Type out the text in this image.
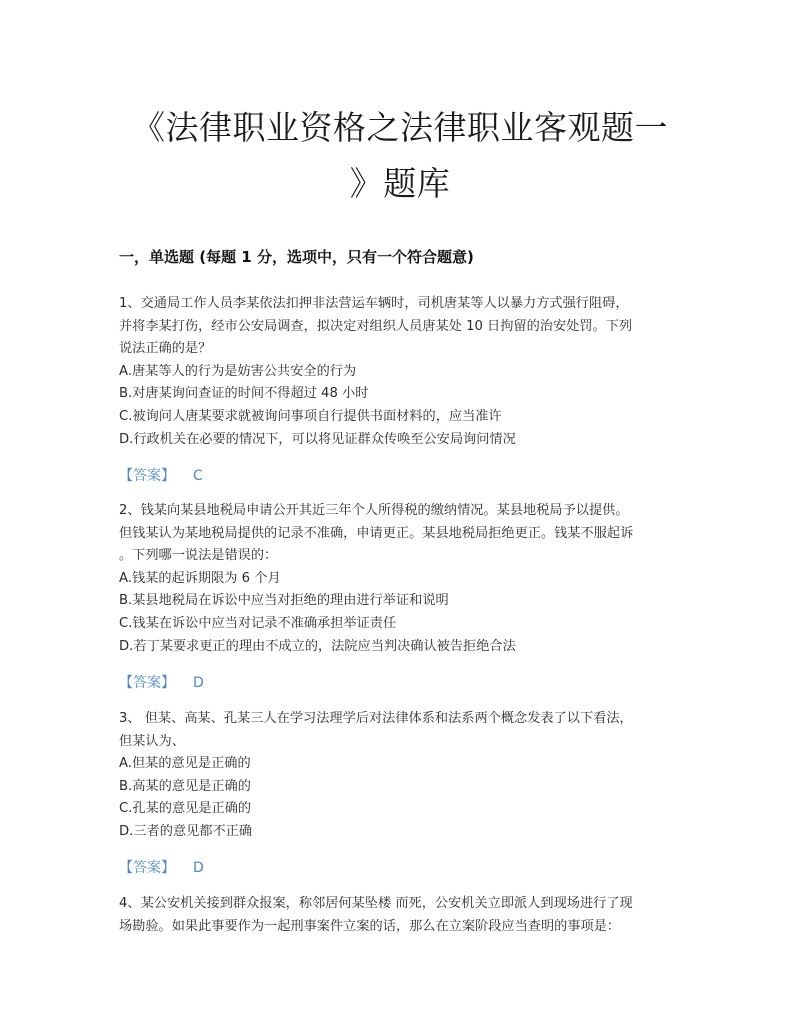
《法律职业资格之法律职业客观题一
》题库
一，单选题 (每题 1 分，选项中，只有一个符合题意)
1、交通局工作人员李某依法扣押非法营运车辆时，司机唐某等人以暴力方式强行阻碍，
并将李某打伤，经市公安局调查，拟决定对组织人员唐某处 10 日拘留的治安处罚。下列
说法正确的是？
A.唐某等人的行为是妨害公共安全的行为
B.对唐某询问查证的时间不得超过 48 小时
C.被询问人唐某要求就被询问事项自行提供书面材料的，应当准许
D.行政机关在必要的情况下，可以将见证群众传唤至公安局询问情况
【答案】 C
2、钱某向某县地税局申请公开其近三年个人所得税的缴纳情况。某县地税局予以提供。
但钱某认为某地税局提供的记录不准确，申请更正。某县地税局拒绝更正。钱某不服起诉
。下列哪一说法是错误的：
A.钱某的起诉期限为 6 个月
B.某县地税局在诉讼中应当对拒绝的理由进行举证和说明
C.钱某在诉讼中应当对记录不准确承担举证责任
D.若丁某要求更正的理由不成立的，法院应当判决确认被告拒绝合法
【答案】 D
3、 但某、高某、孔某三人在学习法理学后对法律体系和法系两个概念发表了以下看法，
但某认为、
A.但某的意见是正确的
B.高某的意见是正确的
C.孔某的意见是正确的
D.三者的意见都不正确
【答案】 D
4、某公安机关接到群众报案，称邻居何某坠楼 而死，公安机关立即派人到现场进行了现
场勘验。如果此事要作为一起刑事案件立案的话，那么在立案阶段应当查明的事项是：
